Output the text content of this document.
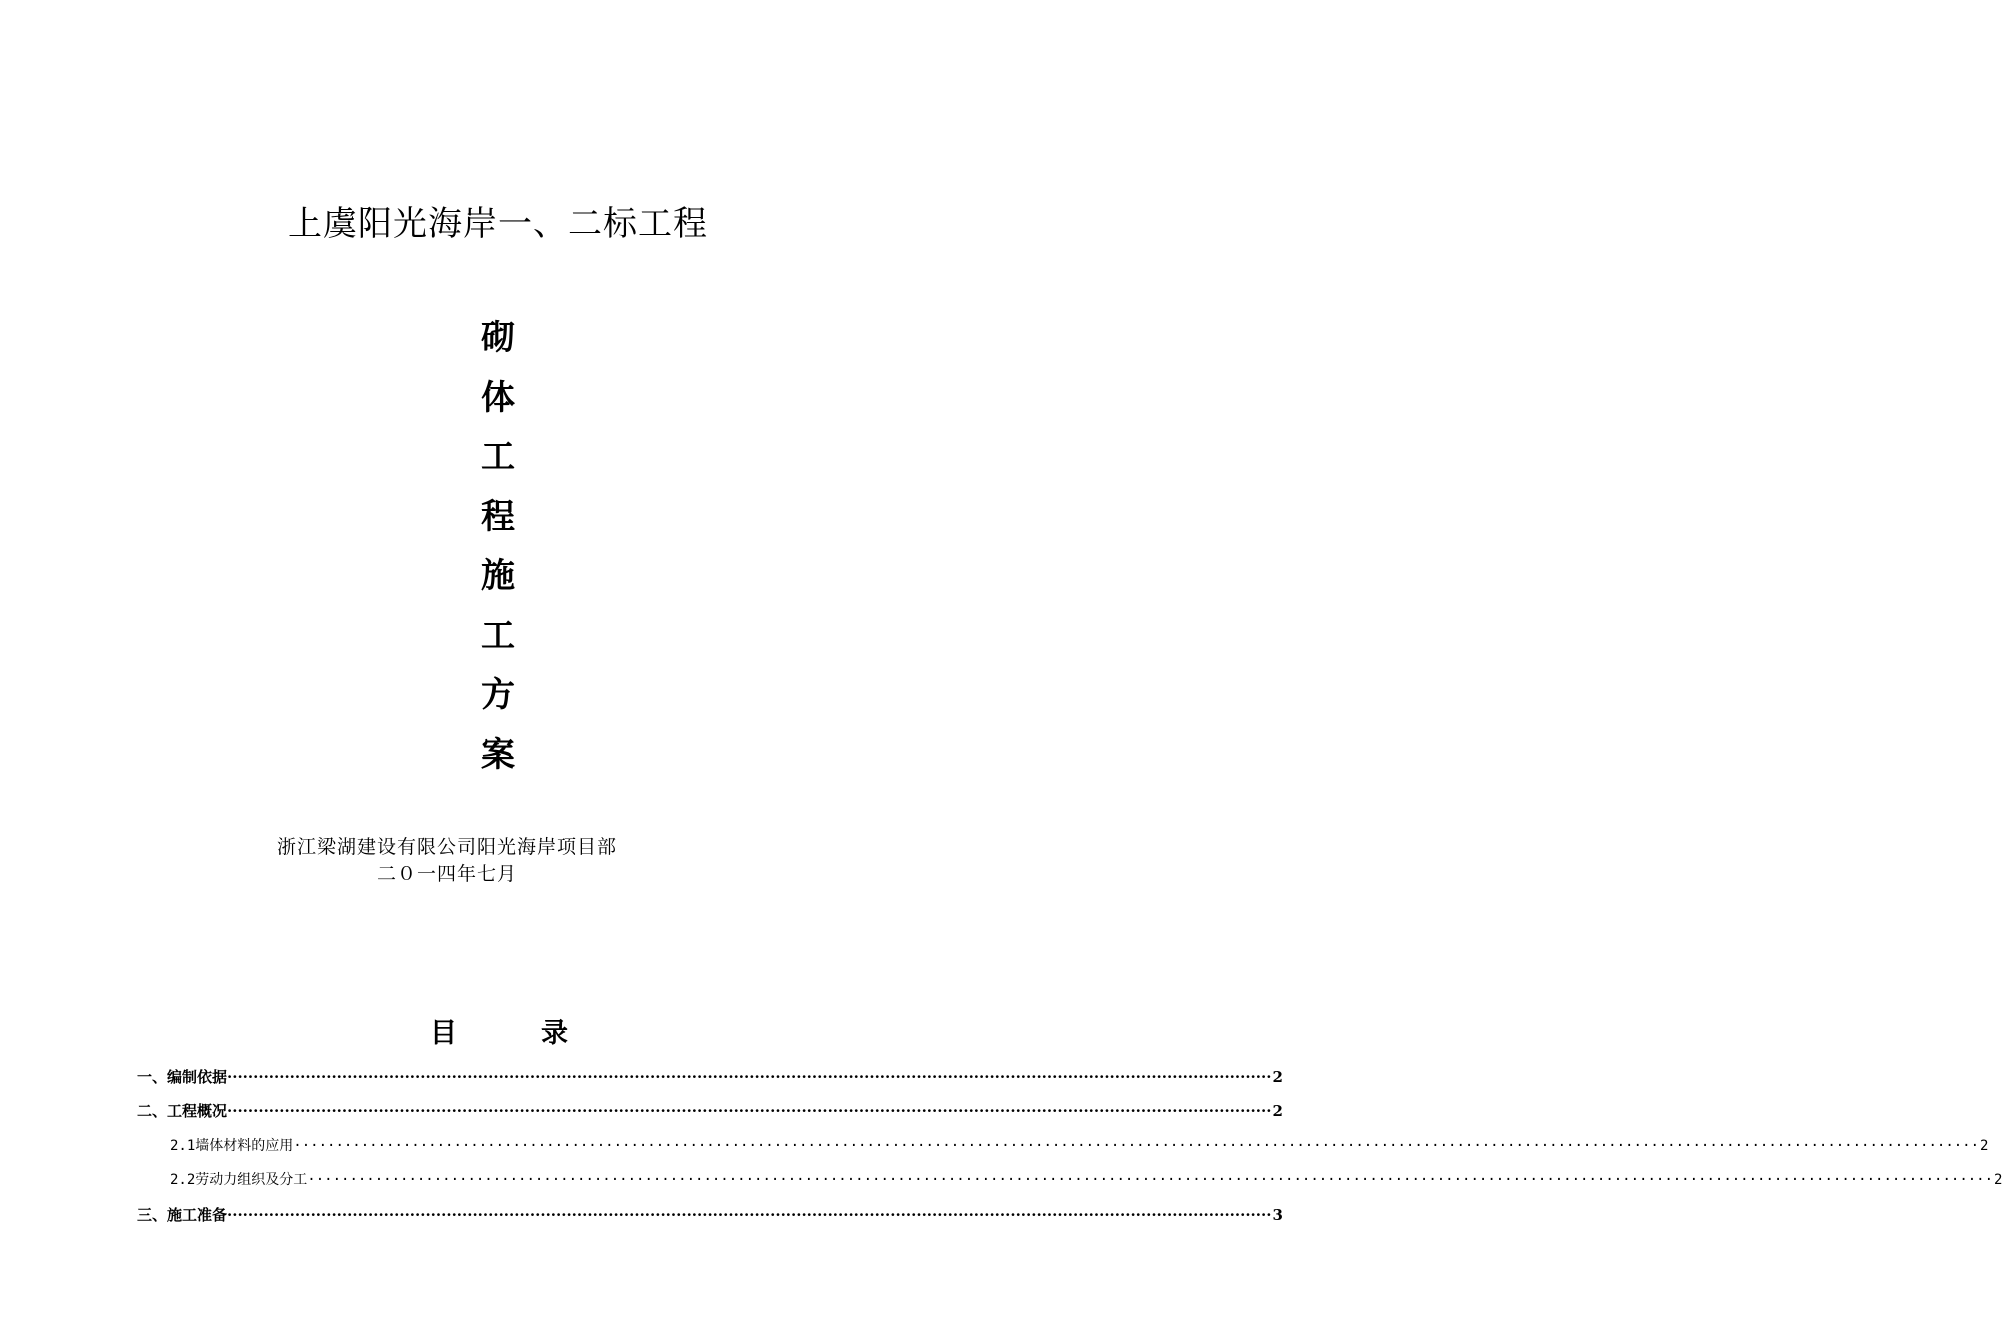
上虞阳光海岸一、二标工程
砌
体
工
程
施
工
方
案
浙江梁湖建设有限公司阳光海岸项目部
二０一四年七月
目	录
一、编制依据 ········································································································································································································ 2
二、工程概况 ········································································································································································································ 2
2.1墙体材料的应用 ········································································································································································································ 2
2.2劳动力组织及分工 ········································································································································································································ 2
三、施工准备 ········································································································································································································ 3
